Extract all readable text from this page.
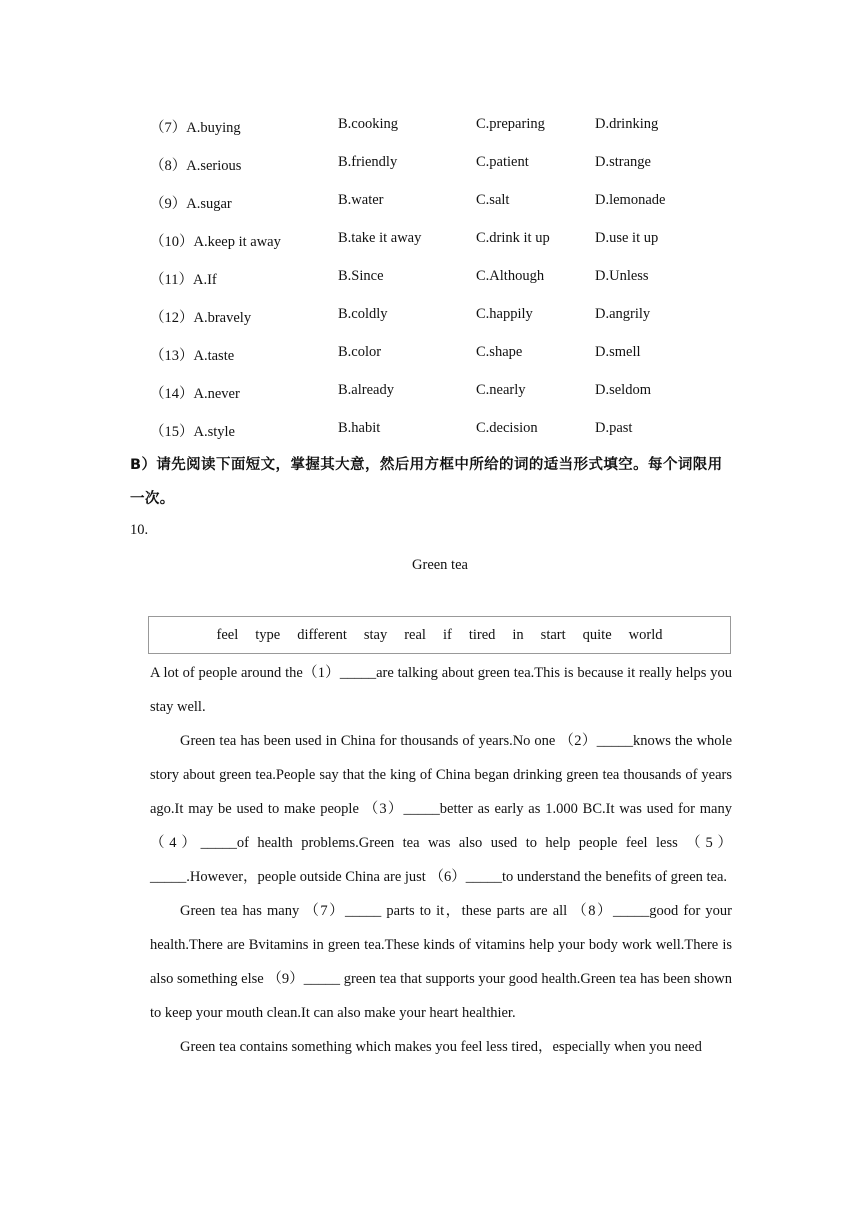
（7）A.buying	B.cooking	C.preparing	D.drinking
（8）A.serious	B.friendly	C.patient	D.strange
（9）A.sugar	B.water	C.salt	D.lemonade
（10）A.keep it away	B.take it away	C.drink it up	D.use it up
（11）A.If	B.Since	C.Although	D.Unless
（12）A.bravely	B.coldly	C.happily	D.angrily
（13）A.taste	B.color	C.shape	D.smell
（14）A.never	B.already	C.nearly	D.seldom
（15）A.style	B.habit	C.decision	D.past
B）请先阅读下面短文，掌握其大意，然后用方框中所给的词的适当形式填空。每个词限用一次。
10.
Green tea
feel type different stay real if tired in start quite world

A lot of people around the（1）_____are talking about green tea.This is because it really helps you stay well.

Green tea has been used in China for thousands of years.No one （2）_____knows the whole story about green tea.People say that the king of China began drinking green tea thousands of years ago.It may be used to make people （3）_____better as early as 1.000 BC.It was used for many （4）_____of health problems.Green tea was also used to help people feel less （5）_____.However，people outside China are just （6）_____to understand the benefits of green tea.

Green tea has many （7）_____ parts to it，these parts are all （8）_____good for your health.There are Bvitamins in green tea.These kinds of vitamins help your body work well.There is also something else （9）_____ green tea that supports your good health.Green tea has been shown to keep your mouth clean.It can also make your heart healthier.

Green tea contains something which makes you feel less tired，especially when you need
